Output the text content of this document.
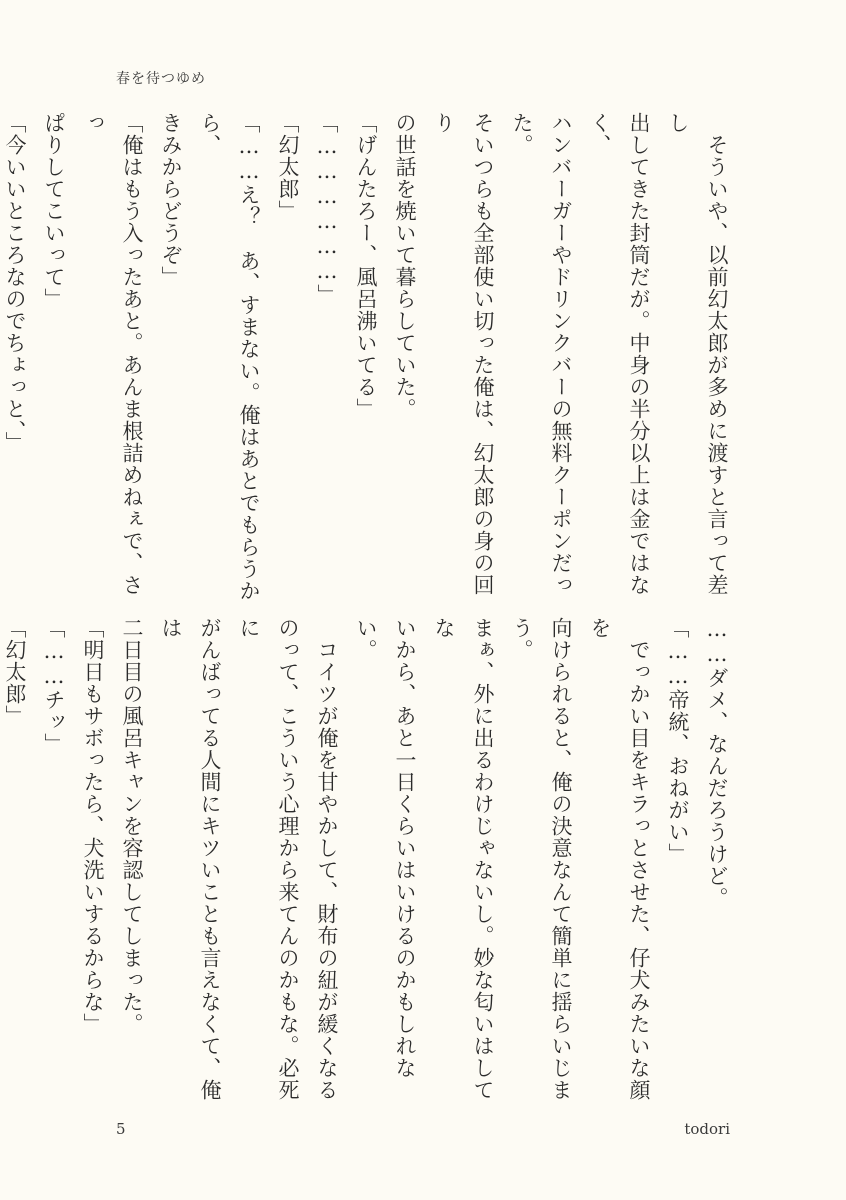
春を待つゆめ

　そういや、以前幻太郎が多めに渡すと言って差し

出してきた封筒だが。中身の半分以上は金ではなく、

ハンバーガーやドリンクバーの無料クーポンだった。

そいつらも全部使い切った俺は、幻太郎の身の回り

の世話を焼いて暮らしていた。

「げんたろー、風呂沸いてる」

「………………」

「幻太郎」

「……え？　あ、すまない。俺はあとでもらうから、

きみからどうぞ」

「俺はもう入ったあと。あんま根詰めねぇで、さっ

ぱりしてこいって」

「今いいところなのでちょっと、」

……ダメ、なんだろうけど。

「……帝統、おねがい」

　でっかい目をキラっとさせた、仔犬みたいな顔を

向けられると、俺の決意なんて簡単に揺らいじまう。

まぁ、外に出るわけじゃないし。妙な匂いはしてな

いから、あと一日くらいはいけるのかもしれない。

　コイツが俺を甘やかして、財布の紐が緩くなる

のって、こういう心理から来てんのかもな。必死に

がんばってる人間にキツいことも言えなくて、俺は

二日目の風呂キャンを容認してしまった。

「明日もサボったら、犬洗いするからな」

「……チッ」

「幻太郎」

5	todori
